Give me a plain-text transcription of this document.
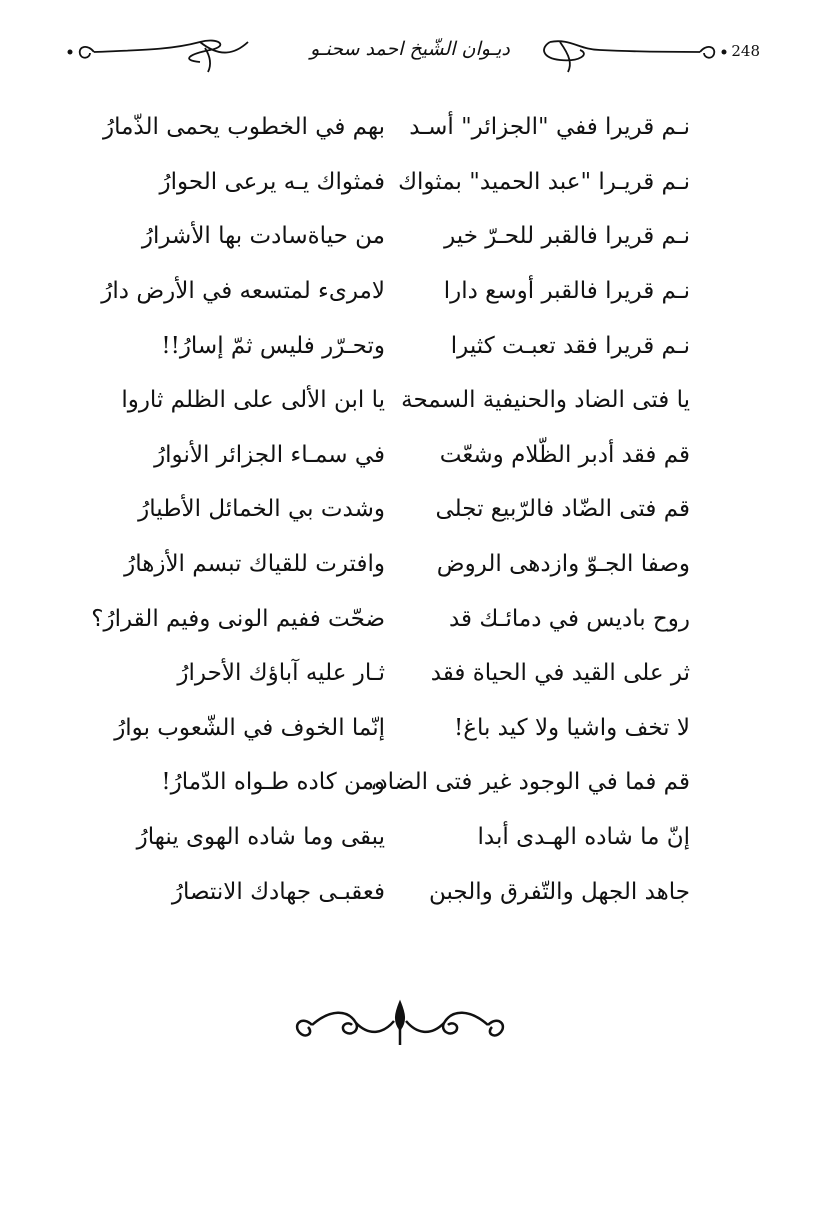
ديـوان الشّيخ احمد سحنـو	248
نـم قريرا ففي "الجزائر" أسـد
بهم في الخطوب يحمى الذّمارُ
نـم قريـرا "عبد الحميد" بمثواك
فمثواك يـه يرعى الحوارُ
نـم قريرا فالقبر للحـرّ خير
من حياةسادت بها الأشرارُ
نـم قريرا فالقبر أوسع دارا
لامرىء لمتسعه في الأرض دارُ
نـم قريرا فقد تعبـت كثيرا
وتحـرّر فليس ثمّ إسارُ!!
يا فتى الضاد والحنيفية السمحة
يا ابن الألى على الظلم ثاروا
قم فقد أدبر الظّلام وشعّت
في سمـاء الجزائر الأنوارُ
قم فتى الضّاد فالرّبيع تجلى
وشدت بي الخمائل الأطيارُ
وصفا الجـوّ وازدهى الروض
وافترت للقياك تبسم الأزهارُ
روح باديس في دمائـك قد
ضحّت ففيم الونى وفيم القرارُ؟
ثر على القيد في الحياة فقد
ثـار عليه آباؤك الأحرارُ
لا تخف واشيا ولا كيد باغ!
إنّما الخوف في الشّعوب بوارُ
قم فما في الوجود غير فتى الضاد،
ومن كاده طـواه الدّمارُ!
إنّ ما شاده الهـدى أبدا
يبقى وما شاده الهوى ينهارُ
جاهد الجهل والتّفرق والجبن
فعقبـى جهادك الانتصارُ
